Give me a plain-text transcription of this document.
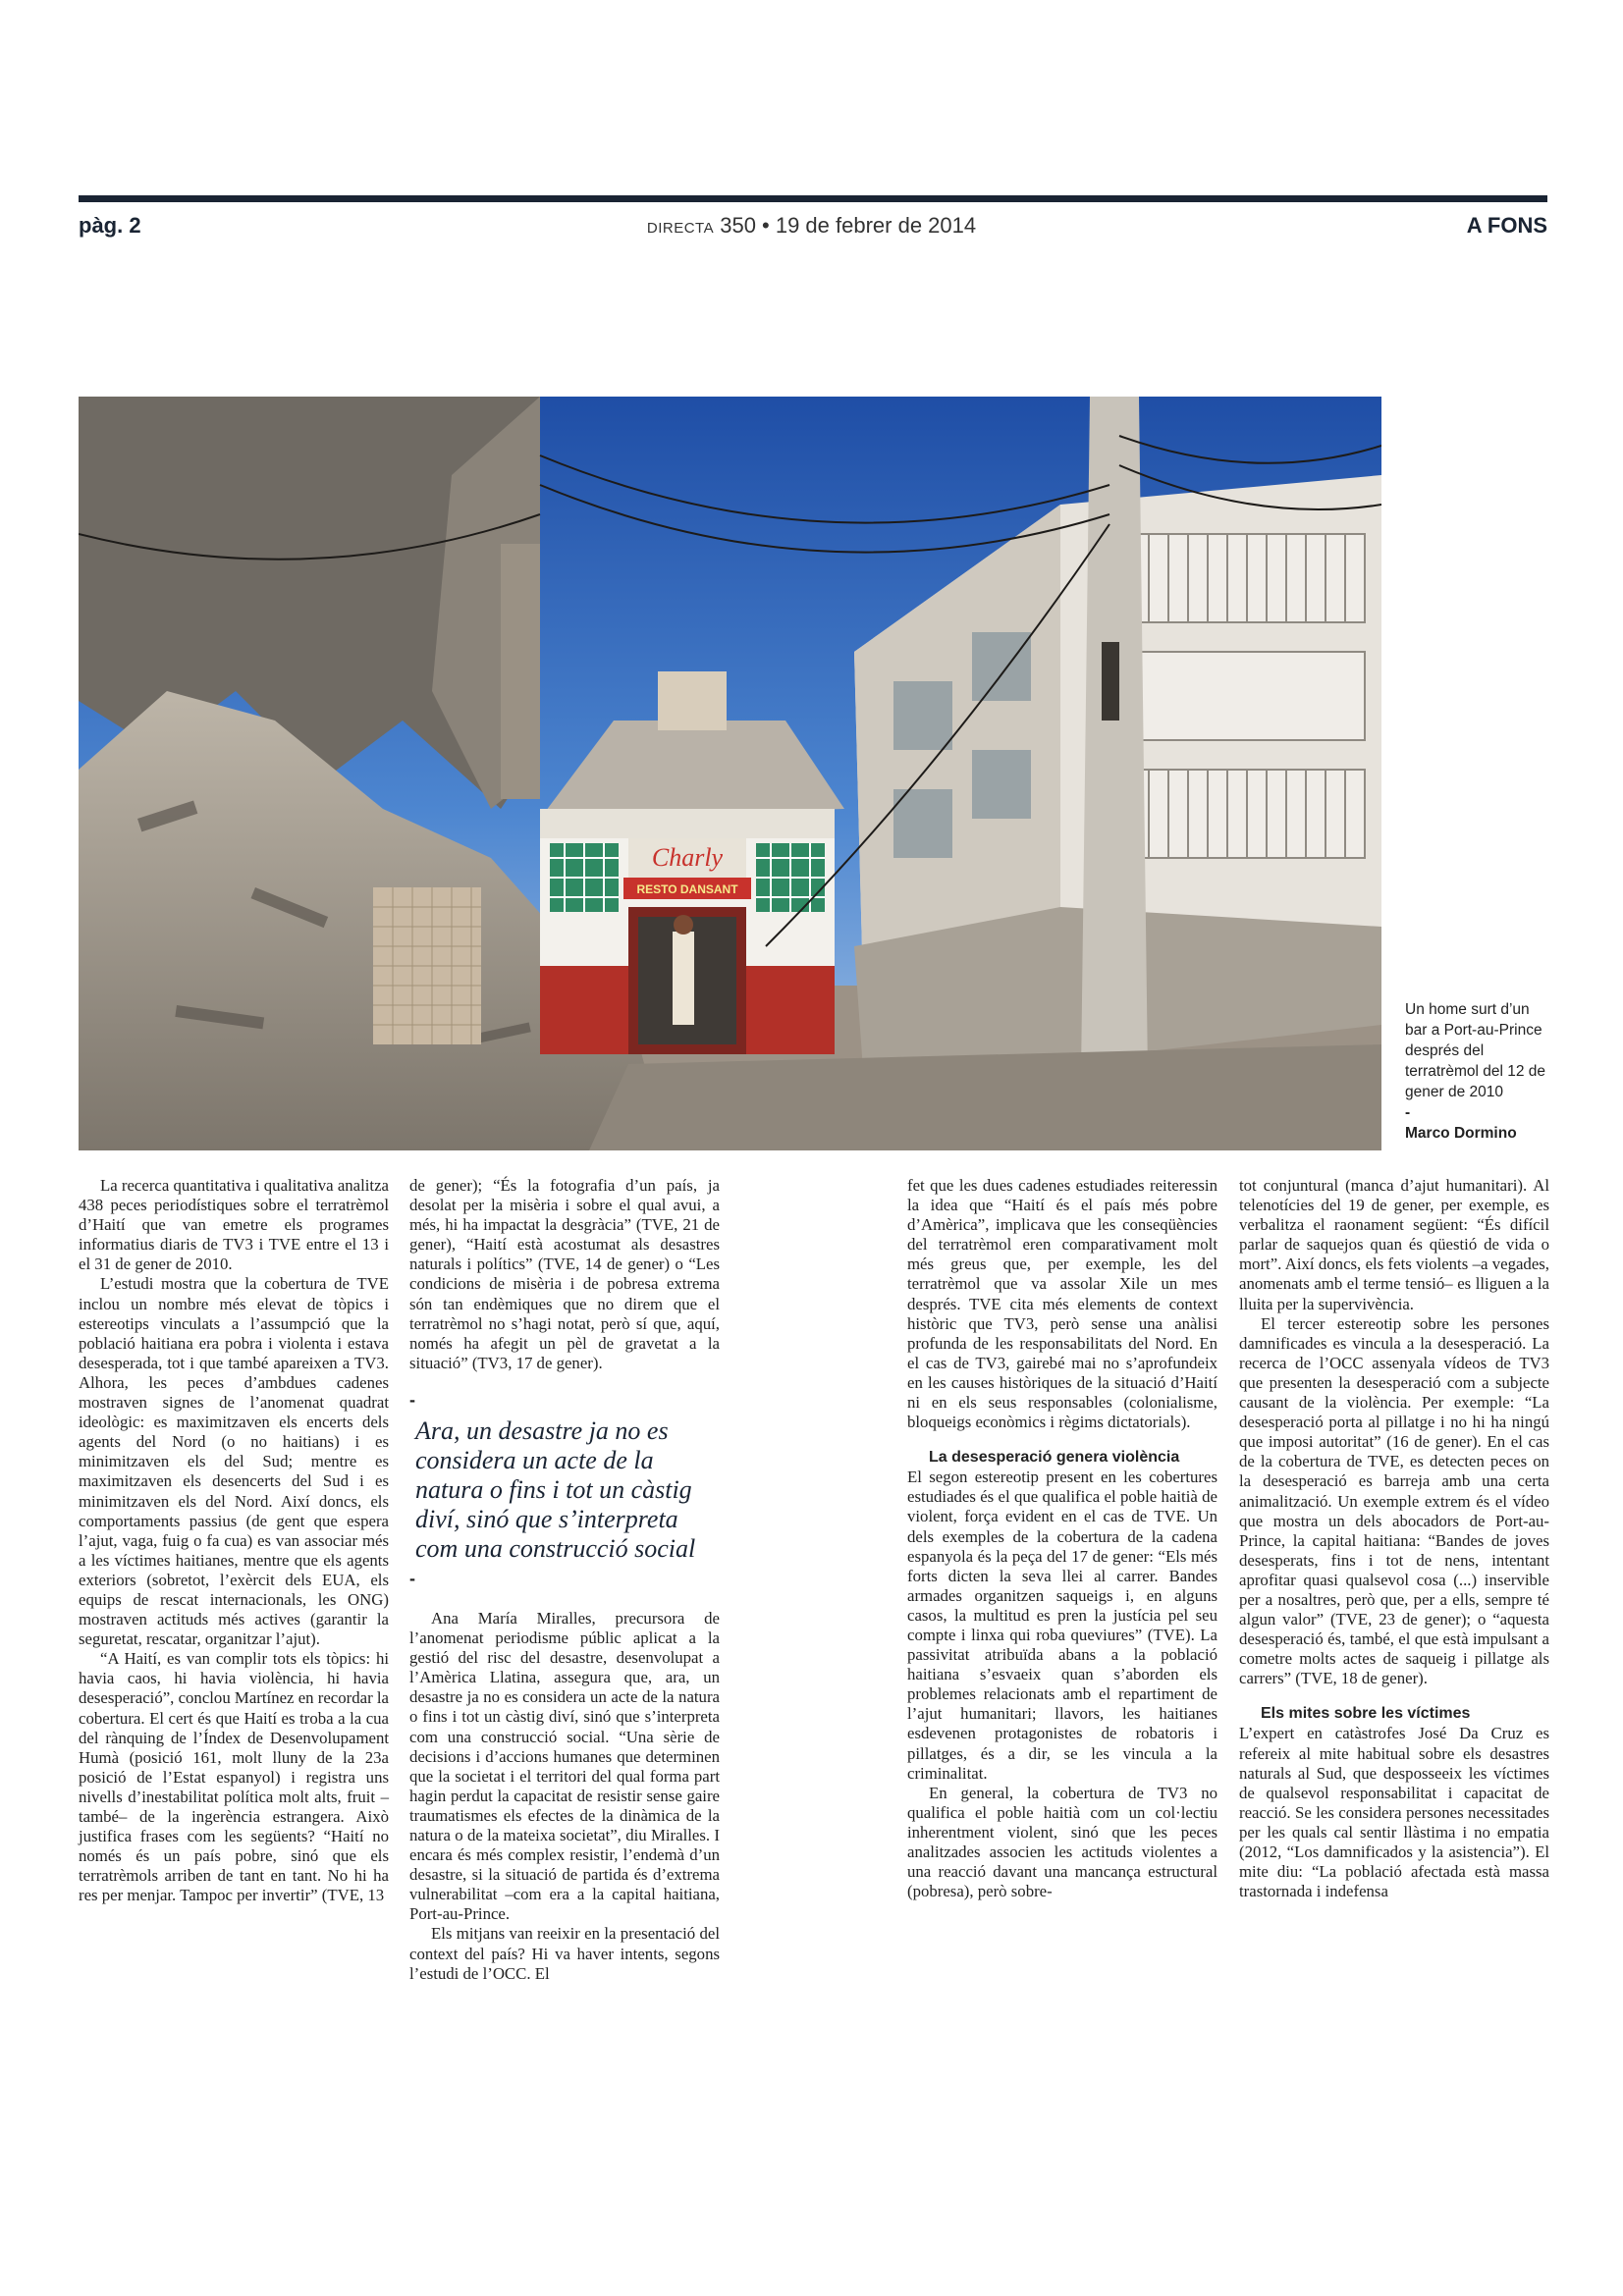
pàg. 2	DIRECTA 350 • 19 de febrer de 2014	A FONS
Charly
RESTO DANSANT
Un home surt d’un bar a Port-au-Prince després del terratrèmol del 12 de gener de 2010
-
Marco Dormino

La recerca quantitativa i qualitativa analitza 438 peces periodístiques sobre el terratrèmol d’Haití que van emetre els programes informatius diaris de TV3 i TVE entre el 13 i el 31 de gener de 2010.

L’estudi mostra que la cobertura de TVE inclou un nombre més elevat de tòpics i estereotips vinculats a l’assumpció que la població haitiana era pobra i violenta i estava desesperada, tot i que també apareixen a TV3. Alhora, les peces d’ambdues cadenes mostraven signes de l’anomenat quadrat ideològic: es maximitzaven els encerts dels agents del Nord (o no haitians) i es minimitzaven els del Sud; mentre es maximitzaven els desencerts del Sud i es minimitzaven els del Nord. Així doncs, els comportaments passius (de gent que espera l’ajut, vaga, fuig o fa cua) es van associar més a les víctimes haitianes, mentre que els agents exteriors (sobretot, l’exèrcit dels EUA, els equips de rescat internacionals, les ONG) mostraven actituds més actives (garantir la seguretat, rescatar, organitzar l’ajut).

“A Haití, es van complir tots els tòpics: hi havia caos, hi havia violència, hi havia desesperació”, conclou Martínez en recordar la cobertura. El cert és que Haití es troba a la cua del rànquing de l’Índex de Desenvolupament Humà (posició 161, molt lluny de la 23a posició de l’Estat espanyol) i registra uns nivells d’inestabilitat política molt alts, fruit –també– de la ingerència estrangera. Això justifica frases com les següents? “Haití no només és un país pobre, sinó que els terratrèmols arriben de tant en tant. No hi ha res per menjar. Tampoc per invertir” (TVE, 13

de gener); “És la fotografia d’un país, ja desolat per la misèria i sobre el qual avui, a més, hi ha impactat la desgràcia” (TVE, 21 de gener), “Haití està acostumat als desastres naturals i polítics” (TVE, 14 de gener) o “Les condicions de misèria i de pobresa extrema són tan endèmiques que no direm que el terratrèmol no s’hagi notat, però sí que, aquí, només ha afegit un pèl de gravetat a la situació” (TV3, 17 de gener).

-
Ara, un desastre ja no es considera un acte de la natura o fins i tot un càstig diví, sinó que s’interpreta com una construcció social
-

Ana María Miralles, precursora de l’anomenat periodisme públic aplicat a la gestió del risc del desastre, desenvolupat a l’Amèrica Llatina, assegura que, ara, un desastre ja no es considera un acte de la natura o fins i tot un càstig diví, sinó que s’interpreta com una construcció social. “Una sèrie de decisions i d’accions humanes que determinen que la societat i el territori del qual forma part hagin perdut la capacitat de resistir sense gaire traumatismes els efectes de la dinàmica de la natura o de la mateixa societat”, diu Miralles. I encara és més complex resistir, l’endemà d’un desastre, si la situació de partida és d’extrema vulnerabilitat –com era a la capital haitiana, Port-au-Prince.

Els mitjans van reeixir en la presentació del context del país? Hi va haver intents, segons l’estudi de l’OCC. El

fet que les dues cadenes estudiades reiteressin la idea que “Haití és el país més pobre d’Amèrica”, implicava que les conseqüències del terratrèmol eren comparativament molt més greus que, per exemple, les del terratrèmol que va assolar Xile un mes després. TVE cita més elements de context històric que TV3, però sense una anàlisi profunda de les responsabilitats del Nord. En el cas de TV3, gairebé mai no s’aprofundeix en les causes històriques de la situació d’Haití ni en els seus responsables (colonialisme, bloqueigs econòmics i règims dictatorials).

La desesperació genera violència

El segon estereotip present en les cobertures estudiades és el que qualifica el poble haitià de violent, força evident en el cas de TVE. Un dels exemples de la cobertura de la cadena espanyola és la peça del 17 de gener: “Els més forts dicten la seva llei al carrer. Bandes armades organitzen saqueigs i, en alguns casos, la multitud es pren la justícia pel seu compte i linxa qui roba queviures” (TVE). La passivitat atribuïda abans a la població haitiana s’esvaeix quan s’aborden els problemes relacionats amb el repartiment de l’ajut humanitari; llavors, les haitianes esdevenen protagonistes de robatoris i pillatges, és a dir, se les vincula a la criminalitat.

En general, la cobertura de TV3 no qualifica el poble haitià com un col·lectiu inherentment violent, sinó que les peces analitzades associen les actituds violentes a una reacció davant una mancança estructural (pobresa), però sobre-

tot conjuntural (manca d’ajut humanitari). Al telenotícies del 19 de gener, per exemple, es verbalitza el raonament següent: “És difícil parlar de saquejos quan és qüestió de vida o mort”. Així doncs, els fets violents –a vegades, anomenats amb el terme tensió– es lliguen a la lluita per la supervivència.

El tercer estereotip sobre les persones damnificades es vincula a la desesperació. La recerca de l’OCC assenyala vídeos de TV3 que presenten la desesperació com a subjecte causant de la violència. Per exemple: “La desesperació porta al pillatge i no hi ha ningú que imposi autoritat” (16 de gener). En el cas de la cobertura de TVE, es detecten peces on la desesperació es barreja amb una certa animalització. Un exemple extrem és el vídeo que mostra un dels abocadors de Port-au-Prince, la capital haitiana: “Bandes de joves desesperats, fins i tot de nens, intentant aprofitar quasi qualsevol cosa (...) inservible per a nosaltres, però que, per a ells, sempre té algun valor” (TVE, 23 de gener); o “aquesta desesperació és, també, el que està impulsant a cometre molts actes de saqueig i pillatge als carrers” (TVE, 18 de gener).

Els mites sobre les víctimes

L’expert en catàstrofes José Da Cruz es refereix al mite habitual sobre els desastres naturals al Sud, que desposseeix les víctimes de qualsevol responsabilitat i capacitat de reacció. Se les considera persones necessitades per les quals cal sentir llàstima i no empatia (2012, “Los damnificados y la asistencia”). El mite diu: “La població afectada està massa trastornada i indefensa
